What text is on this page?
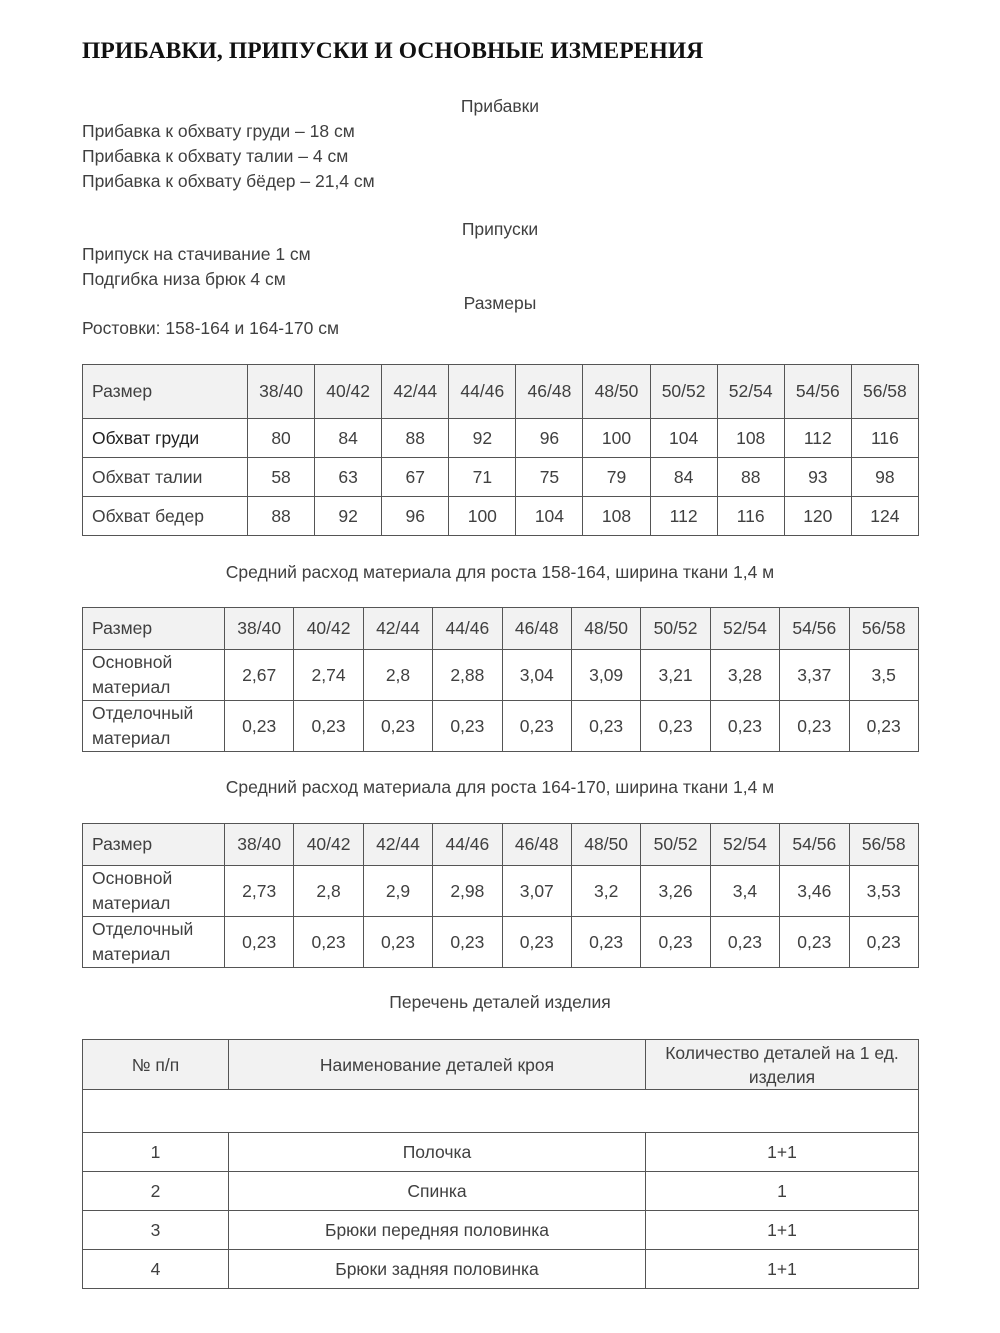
ПРИБАВКИ, ПРИПУСКИ И ОСНОВНЫЕ ИЗМЕРЕНИЯ
Прибавки
Прибавка к обхвату груди – 18 см
Прибавка к обхвату талии – 4 см
Прибавка к обхвату бёдер – 21,4 см
Припуски
Припуск на стачивание 1 см
Подгибка низа брюк 4 см
Размеры
Ростовки: 158-164 и 164-170 см
Размер	38/40	40/42	42/44	44/46	46/48	48/50	50/52	52/54	54/56	56/58
Обхват груди	80	84	88	92	96	100	104	108	112	116
Обхват талии	58	63	67	71	75	79	84	88	93	98
Обхват бедер	88	92	96	100	104	108	112	116	120	124
Средний расход материала для роста 158-164, ширина ткани 1,4 м
Размер	38/40	40/42	42/44	44/46	46/48	48/50	50/52	52/54	54/56	56/58
Основной материал	2,67	2,74	2,8	2,88	3,04	3,09	3,21	3,28	3,37	3,5
Отделочный материал	0,23	0,23	0,23	0,23	0,23	0,23	0,23	0,23	0,23	0,23
Средний расход материала для роста 164-170, ширина ткани 1,4 м
Размер	38/40	40/42	42/44	44/46	46/48	48/50	50/52	52/54	54/56	56/58
Основной материал	2,73	2,8	2,9	2,98	3,07	3,2	3,26	3,4	3,46	3,53
Отделочный материал	0,23	0,23	0,23	0,23	0,23	0,23	0,23	0,23	0,23	0,23
Перечень деталей изделия
№ п/п	Наименование деталей кроя	Количество деталей на 1 ед. изделия

1	Полочка	1+1
2	Спинка	1
3	Брюки передняя половинка	1+1
4	Брюки задняя половинка	1+1
